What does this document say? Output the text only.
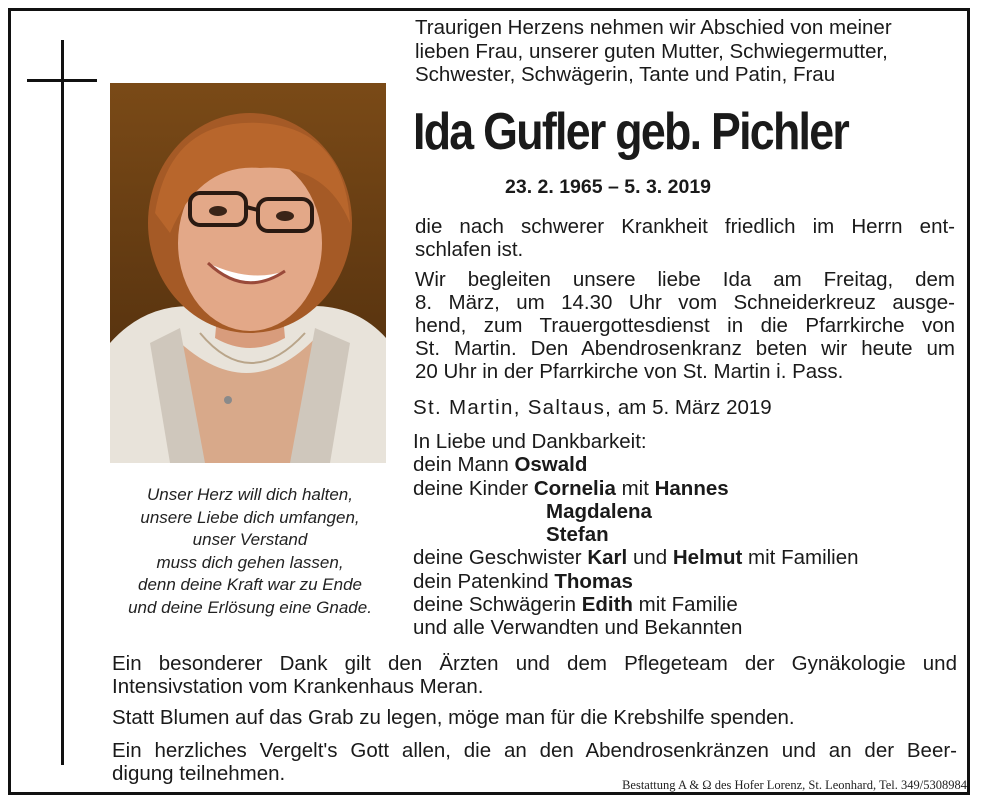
Unser Herz will dich halten,
unsere Liebe dich umfangen,
unser Verstand
muss dich gehen lassen,
denn deine Kraft war zu Ende
und deine Erlösung eine Gnade.
Traurigen Herzens nehmen wir Abschied von meiner
lieben Frau, unserer guten Mutter, Schwiegermutter,
Schwester, Schwägerin, Tante und Patin, Frau
Ida Gufler geb. Pichler
23. 2. 1965 – 5. 3. 2019
die nach schwerer Krankheit friedlich im Herrn ent-
schlafen ist.
Wir begleiten unsere liebe Ida am Freitag, dem
8. März, um 14.30 Uhr vom Schneiderkreuz ausge-
hend, zum Trauergottesdienst in die Pfarrkirche von
St. Martin. Den Abendrosenkranz beten wir heute um
20 Uhr in der Pfarrkirche von St. Martin i. Pass.
St. Martin, Saltaus, am 5. März 2019
In Liebe und Dankbarkeit:
dein Mann Oswald
deine Kinder Cornelia mit Hannes
Magdalena
Stefan
deine Geschwister Karl und Helmut mit Familien
dein Patenkind Thomas
deine Schwägerin Edith mit Familie
und alle Verwandten und Bekannten
Ein besonderer Dank gilt den Ärzten und dem Pflegeteam der Gynäkologie und
Intensivstation vom Krankenhaus Meran.
Statt Blumen auf das Grab zu legen, möge man für die Krebshilfe spenden.
Ein herzliches Vergelt's Gott allen, die an den Abendrosenkränzen und an der Beer-
digung teilnehmen.	Bestattung A & Ω des Hofer Lorenz, St. Leonhard, Tel. 349/5308984
